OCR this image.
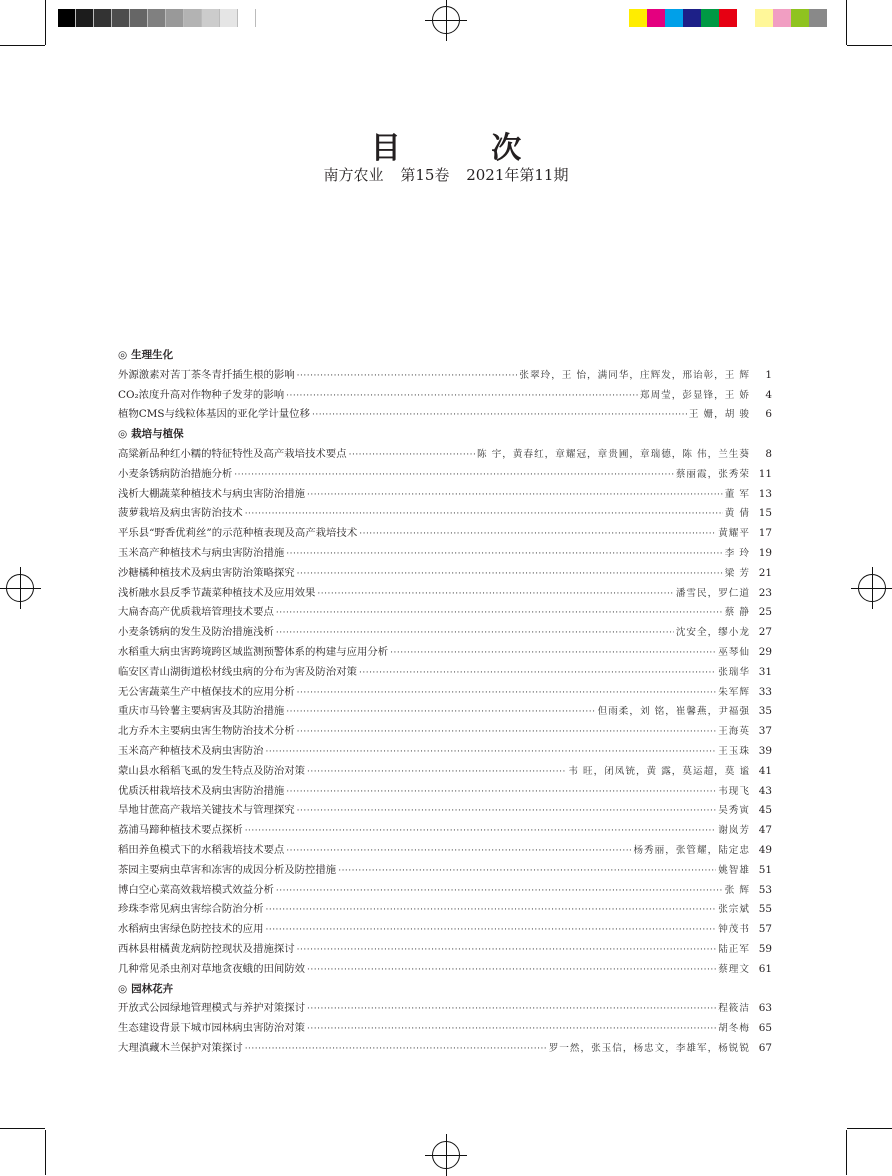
目 次
南方农业 第15卷 2021年第11期
◎ 生理生化
外源激素对苦丁茶冬青扦插生根的影响 ·····	张翠玲，王 怡，满同华，庄辉发，邢诒彰，王 辉	1
CO₂浓度升高对作物种子发芽的影响 ·····	郑周莹，彭显锋，王 娇	4
植物CMS与线粒体基因的亚化学计量位移 ·····	王 姗，胡 骏	6
◎ 栽培与植保
高粱新品种红小糯的特征特性及高产栽培技术要点 ·····	陈 宇，黄春红，章耀冠，章贵圃，章瑞德，陈 伟，兰生葵	8
小麦条锈病防治措施分析 ·····	蔡丽霞，张秀荣 11
浅析大棚蔬菜种植技术与病虫害防治措施 ·····	董 军 13
菠萝栽培及病虫害防治技术 ·····	黄 倩 15
平乐县“野香优莉丝”的示范种植表现及高产栽培技术 ·····	黄耀平 17
玉米高产种植技术与病虫害防治措施 ·····	李 玲 19
沙糖橘种植技术及病虫害防治策略探究 ·····	梁 芳 21
浅析融水县反季节蔬菜种植技术及应用效果 ·····	潘雪民，罗仁道 23
大扁杏高产优质栽培管理技术要点 ·····	蔡 静 25
小麦条锈病的发生及防治措施浅析 ·····	沈安全，缪小龙 27
水稻重大病虫害跨境跨区域监测预警体系的构建与应用分析 ·····	巫琴仙 29
临安区青山湖街道松材线虫病的分布为害及防治对策 ·····	张瑞华 31
无公害蔬菜生产中植保技术的应用分析 ·····	朱军辉 33
重庆市马铃薯主要病害及其防治措施 ·····	但雨柔，刘 铭，崔馨燕，尹福强 35
北方乔木主要病虫害生物防治技术分析 ·····	王海英 37
玉米高产种植技术及病虫害防治 ·····	王玉珠 39
蒙山县水稻稻飞虱的发生特点及防治对策 ·····	韦 旺，闭凤铳，黄 露，莫运超，莫 谧 41
优质沃柑栽培技术及病虫害防治措施 ·····	韦现飞 43
旱地甘蔗高产栽培关键技术与管理探究 ·····	吴秀寅 45
荔浦马蹄种植技术要点探析 ·····	谢岚芳 47
稻田养鱼模式下的水稻栽培技术要点 ·····	杨秀丽，张管耀，陆定忠 49
茶园主要病虫草害和冻害的成因分析及防控措施 ·····	姚智雄 51
博白空心菜高效栽培模式效益分析 ·····	张 辉 53
珍珠李常见病虫害综合防治分析 ·····	张宗斌 55
水稻病虫害绿色防控技术的应用 ·····	钟茂书 57
西林县柑橘黄龙病防控现状及措施探讨 ·····	陆正军 59
几种常见杀虫剂对草地贪夜蛾的田间防效 ·····	蔡理文 61
◎ 园林花卉
开放式公园绿地管理模式与养护对策探讨 ·····	程筱洁 63
生态建设背景下城市园林病虫害防治对策 ·····	胡冬梅 65
大理滇藏木兰保护对策探讨 ·····	罗一然，张玉信，杨忠文，李雄军，杨锐锐 67
